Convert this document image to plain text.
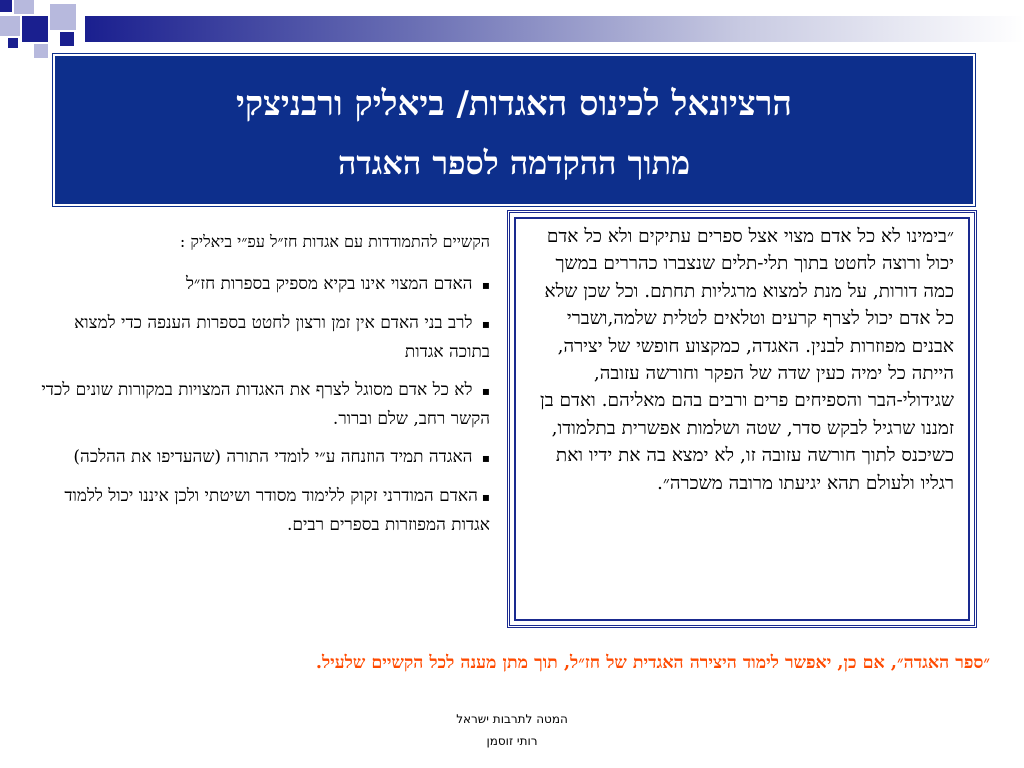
הרציונאל לכינוס האגדות/ ביאליק ורבניצקי
מתוך ההקדמה לספר האגדה

הקשיים להתמודדות עם אגדות חז״ל עפ״י ביאליק :

▪ האדם המצוי אינו בקיא מספיק בספרות חז״ל

▪ לרב בני האדם אין זמן ורצון לחטט בספרות הענפה כדי למצוא בתוכה אגדות

▪ לא כל אדם מסוגל לצרף את האגדות המצויות במקורות שונים לכדי הקשר רחב, שלם וברור.

▪ האגדה תמיד הוזנחה ע״י לומדי התורה (שהעדיפו את ההלכה)

▪האדם המודרני זקוק ללימוד מסודר ושיטתי ולכן איננו יכול ללמוד אגדות המפוזרות בספרים רבים.

״בימינו לא כל אדם מצוי אצל ספרים עתיקים ולא כל אדם יכול ורוצה לחטט בתוך תלי-תלים שנצברו כהררים במשך כמה דורות, על מנת למצוא מרגליות תחתם. וכל שכן שלא כל אדם יכול לצרף קרעים וטלאים לטלית שלמה,ושברי אבנים מפוזרות לבנין. האגדה, כמקצוע חופשי של יצירה, הייתה כל ימיה כעין שדה של הפקר וחורשה עזובה, שגידולי-הבר והספיחים פרים ורבים בהם מאליהם. ואדם בן זמננו שרגיל לבקש סדר, שטה ושלמות אפשרית בתלמודו, כשיכנס לתוך חורשה עזובה זו, לא ימצא בה את ידיו ואת רגליו ולעולם תהא יגיעתו מרובה משכרה״.
״ספר האגדה״, אם כן, יאפשר לימוד היצירה האגדית של חז״ל, תוך מתן מענה לכל הקשיים שלעיל.
המטה לתרבות ישראל
רותי זוסמן
